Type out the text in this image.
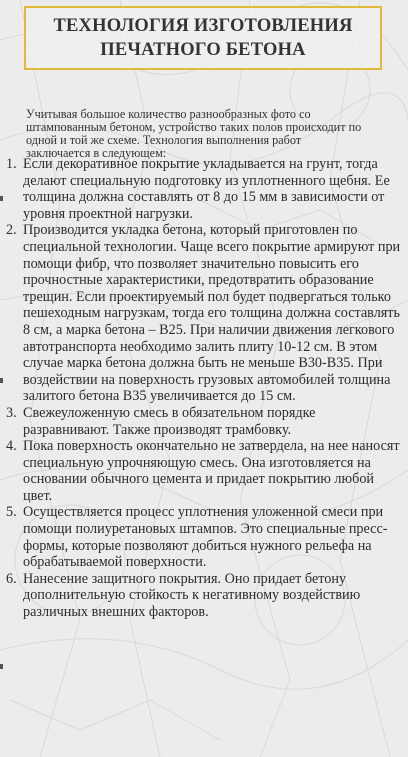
ТЕХНОЛОГИЯ ИЗГОТОВЛЕНИЯ
ПЕЧАТНОГО БЕТОНА

Учитывая большое количество разнообразных фото со штампованным бетоном, устройство таких полов происходит по одной и той же схеме. Технология выполнения работ заключается в следующем:

1. Если декоративное покрытие укладывается на грунт, тогда делают специальную подготовку из уплотненного щебня. Ее толщина должна составлять от 8 до 15 мм в зависимости от уровня проектной нагрузки.
2. Производится укладка бетона, который приготовлен по специальной технологии. Чаще всего покрытие армируют при помощи фибр, что позволяет значительно повысить его прочностные характеристики, предотвратить образование трещин. Если проектируемый пол будет подвергаться только пешеходным нагрузкам, тогда его толщина должна составлять 8 см, а марка бетона – В25. При наличии движения легкового автотранспорта необходимо залить плиту 10-12 см. В этом случае марка бетона должна быть не меньше В30-В35. При воздействии на поверхность грузовых автомобилей толщина залитого бетона В35 увеличивается до 15 см.
3. Свежеуложенную смесь в обязательном порядке разравнивают. Также производят трамбовку.
4. Пока поверхность окончательно не затвердела, на нее наносят специальную упрочняющую смесь. Она изготовляется на основании обычного цемента и придает покрытию любой цвет.
5. Осуществляется процесс уплотнения уложенной смеси при помощи полиуретановых штампов. Это специальные пресс-формы, которые позволяют добиться нужного рельефа на обрабатываемой поверхности.
6. Нанесение защитного покрытия. Оно придает бетону дополнительную стойкость к негативному воздействию различных внешних факторов.
